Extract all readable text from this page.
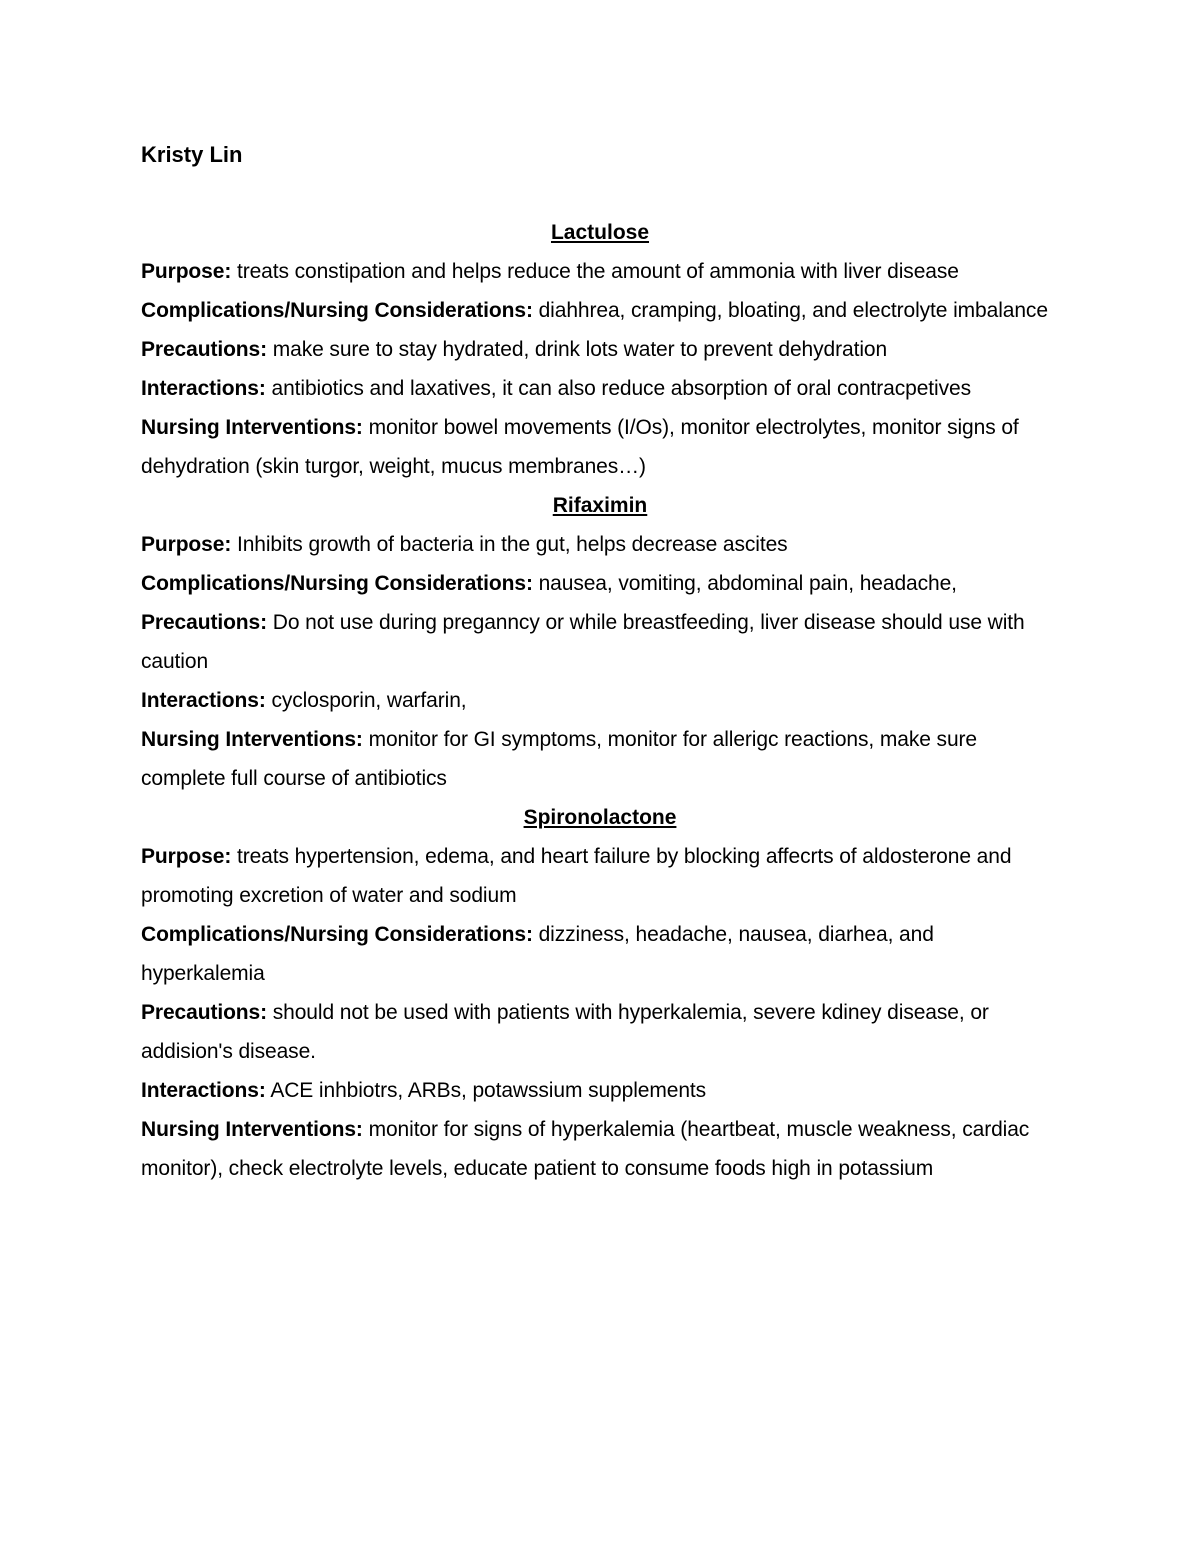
Kristy Lin

Lactulose

Purpose: treats constipation and helps reduce the amount of ammonia with liver disease

Complications/Nursing Considerations: diahhrea, cramping, bloating, and electrolyte imbalance

Precautions: make sure to stay hydrated, drink lots water to prevent dehydration

Interactions: antibiotics and laxatives, it can also reduce absorption of oral contracpetives

Nursing Interventions: monitor bowel movements (I/Os), monitor electrolytes, monitor signs of dehydration (skin turgor, weight, mucus membranes…)

Rifaximin

Purpose: Inhibits growth of bacteria in the gut, helps decrease ascites

Complications/Nursing Considerations: nausea, vomiting, abdominal pain, headache,

Precautions: Do not use during preganncy or while breastfeeding, liver disease should use with caution

Interactions: cyclosporin, warfarin,

Nursing Interventions: monitor for GI symptoms, monitor for allerigc reactions, make sure complete full course of antibiotics

Spironolactone

Purpose: treats hypertension, edema, and heart failure by blocking affecrts of aldosterone and promoting excretion of water and sodium

Complications/Nursing Considerations: dizziness, headache, nausea, diarhea, and hyperkalemia

Precautions: should not be used with patients with hyperkalemia, severe kdiney disease, or addision's disease.

Interactions: ACE inhbiotrs, ARBs, potawssium supplements

Nursing Interventions: monitor for signs of hyperkalemia (heartbeat, muscle weakness, cardiac monitor), check electrolyte levels, educate patient to consume foods high in potassium
